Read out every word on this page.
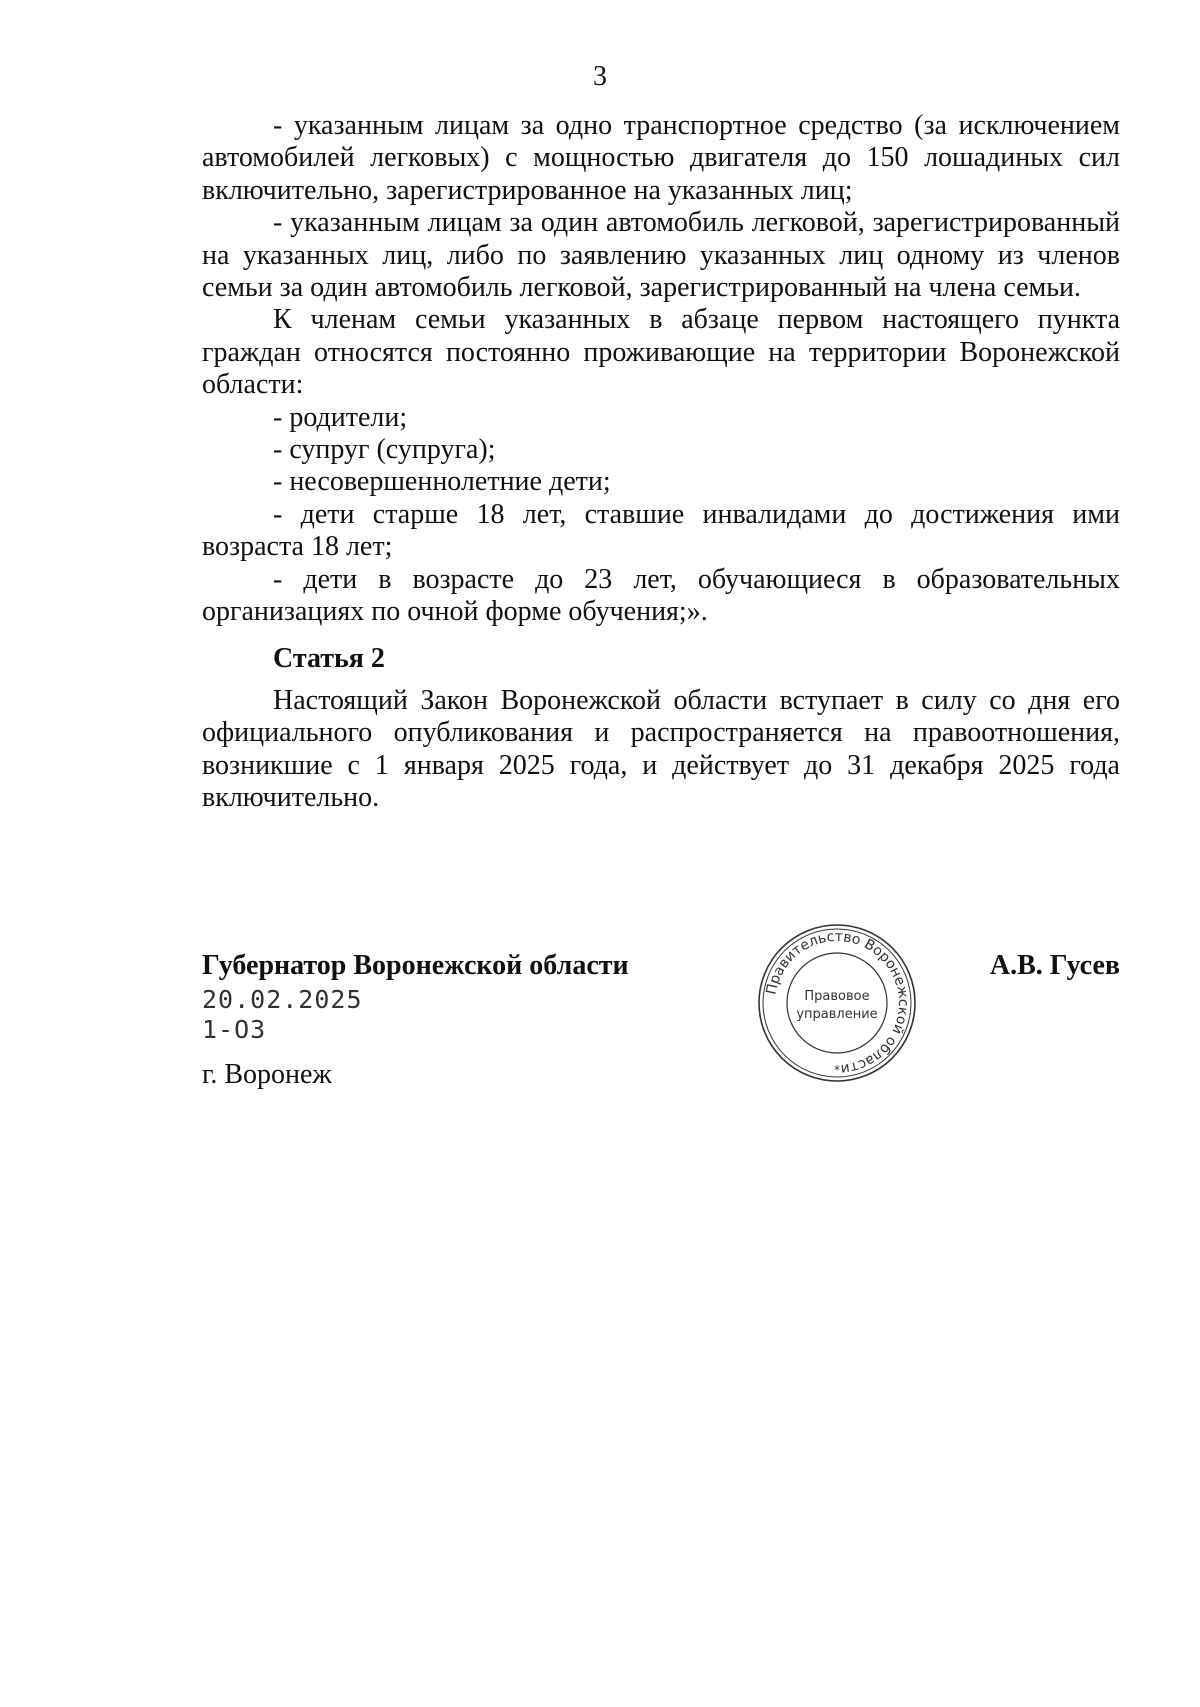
3

- указанным лицам за одно транспортное средство (за исключением автомобилей легковых) с мощностью двигателя до 150 лошадиных сил включительно, зарегистрированное на указанных лиц;

- указанным лицам за один автомобиль легковой, зарегистрированный на указанных лиц, либо по заявлению указанных лиц одному из членов семьи за один автомобиль легковой, зарегистрированный на члена семьи.

К членам семьи указанных в абзаце первом настоящего пункта граждан относятся постоянно проживающие на территории Воронежской области:

- родители;

- супруг (супруга);

- несовершеннолетние дети;

- дети старше 18 лет, ставшие инвалидами до достижения ими возраста 18 лет;

- дети в возрасте до 23 лет, обучающиеся в образовательных организациях по очной форме обучения;».

Статья 2

Настоящий Закон Воронежской области вступает в силу со дня его официального опубликования и распространяется на правоотношения, возникшие с 1 января 2025 года, и действует до 31 декабря 2025 года включительно.

Губернатор Воронежской области	А.В. Гусев
20.02.2025
1-ОЗ
г. Воронеж
Правительство Воронежской области
Правовое
управление
*
